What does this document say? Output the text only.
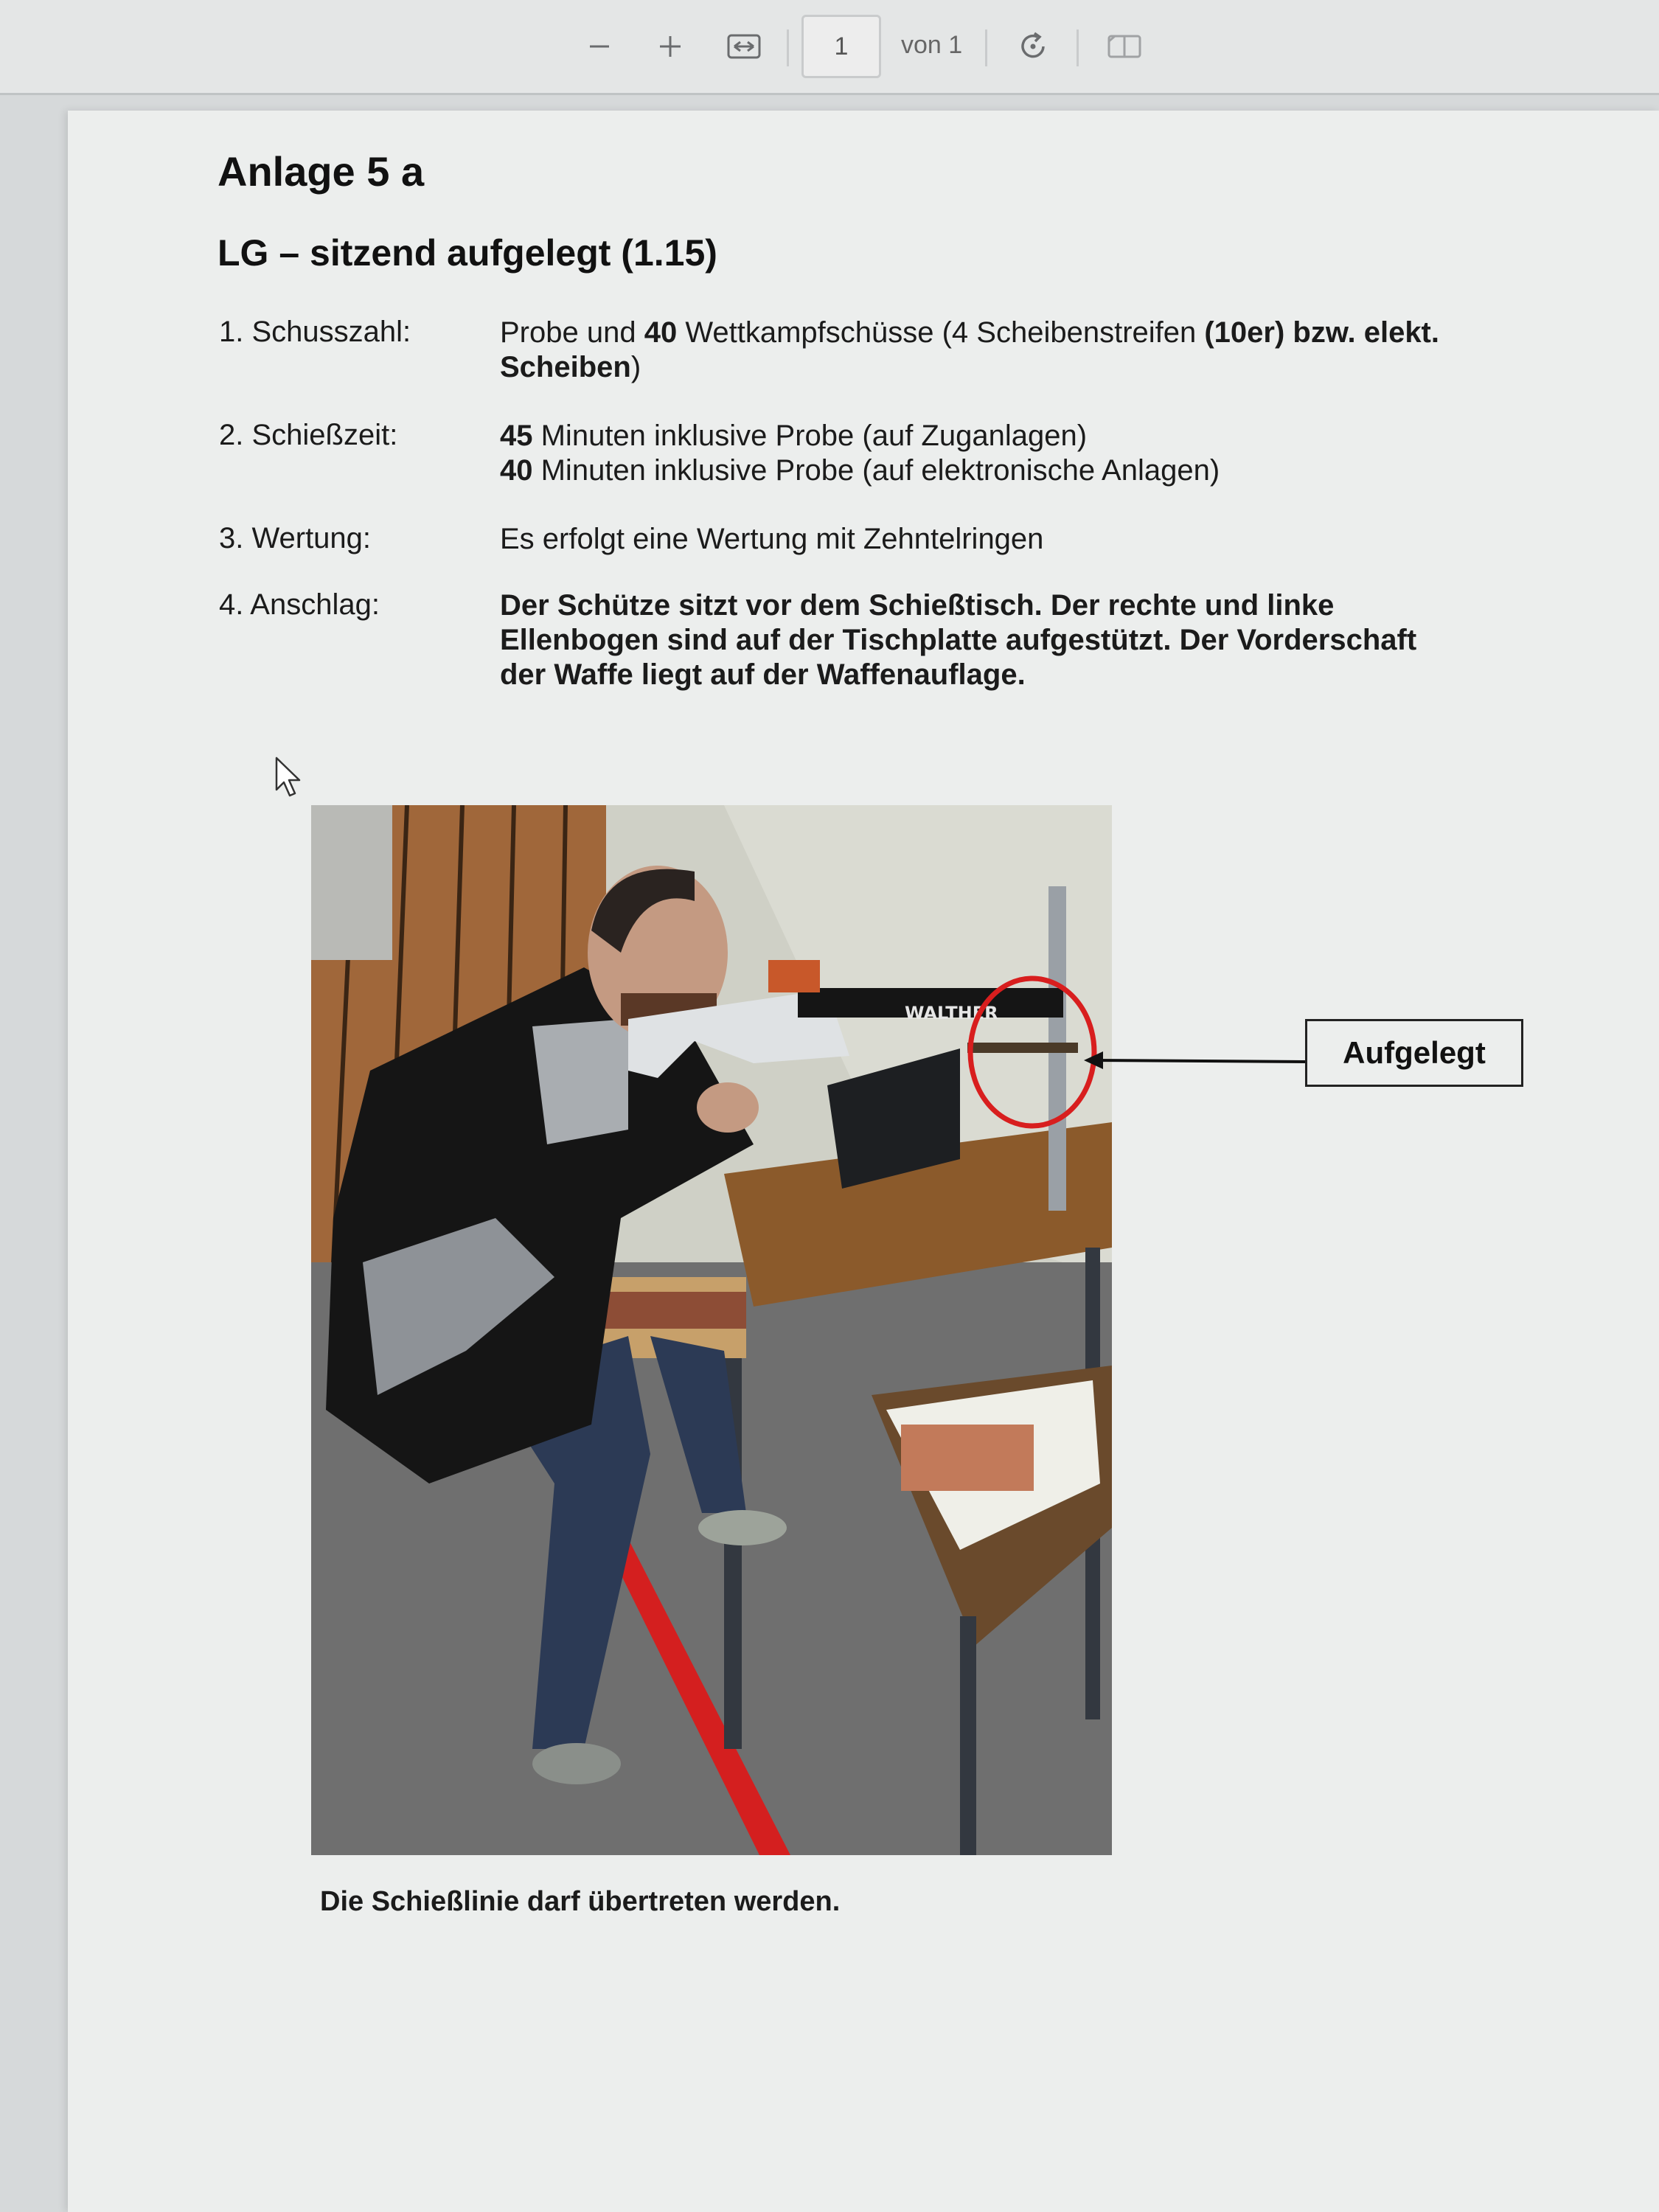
1
von 1
Anlage 5 a
LG – sitzend aufgelegt (1.15)
1. Schusszahl:	Probe und 40 Wettkampfschüsse (4 Scheibenstreifen (10er) bzw. elekt. Scheiben)
2. Schießzeit:	45 Minuten inklusive Probe (auf Zuganlagen)
40 Minuten inklusive Probe (auf elektronische Anlagen)
3. Wertung:	Es erfolgt eine Wertung mit Zehntelringen
4. Anschlag:	Der Schütze sitzt vor dem Schießtisch. Der rechte und linke Ellenbogen sind auf der Tischplatte aufgestützt. Der Vorderschaft der Waffe liegt auf der Waffenauflage.
WALTHER
Aufgelegt
Die Schießlinie darf übertreten werden.
